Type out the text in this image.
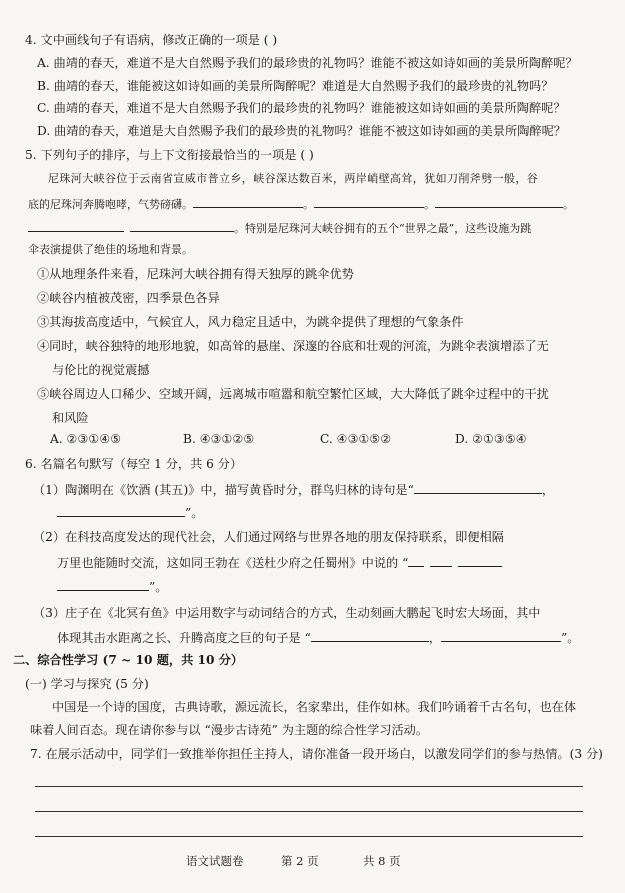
4. 文中画线句子有语病，修改正确的一项是 ( )
A. 曲靖的春天，难道不是大自然赐予我们的最珍贵的礼物吗？谁能不被这如诗如画的美景所陶醉呢？
B. 曲靖的春天，谁能被这如诗如画的美景所陶醉呢？难道是大自然赐予我们的最珍贵的礼物吗？
C. 曲靖的春天，难道不是大自然赐予我们的最珍贵的礼物吗？谁能被这如诗如画的美景所陶醉呢？
D. 曲靖的春天，难道是大自然赐予我们的最珍贵的礼物吗？谁能不被这如诗如画的美景所陶醉呢？
5. 下列句子的排序，与上下文衔接最恰当的一项是 ( )
尼珠河大峡谷位于云南省宣威市普立乡，峡谷深达数百米，两岸峭壁高耸，犹如刀削斧劈一般，谷
底的尼珠河奔腾咆哮，气势磅礴。	。	。	。
。特别是尼珠河大峡谷拥有的五个“世界之最”，这些设施为跳
伞表演提供了绝佳的场地和背景。
①从地理条件来看，尼珠河大峡谷拥有得天独厚的跳伞优势
②峡谷内植被茂密，四季景色各异
③其海拔高度适中，气候宜人，风力稳定且适中，为跳伞提供了理想的气象条件
④同时，峡谷独特的地形地貌，如高耸的悬崖、深邃的谷底和壮观的河流，为跳伞表演增添了无
与伦比的视觉震撼
⑤峡谷周边人口稀少、空域开阔，远离城市喧嚣和航空繁忙区域，大大降低了跳伞过程中的干扰
和风险
A. ②③①④⑤	B. ④③①②⑤	C. ④③①⑤②	D. ②①③⑤④
6. 名篇名句默写（每空 1 分，共 6 分）
（1）陶渊明在《饮酒 (其五)》中，描写黄昏时分，群鸟归林的诗句是“	，
”。
（2）在科技高度发达的现代社会，人们通过网络与世界各地的朋友保持联系，即便相隔
万里也能随时交流，这如同王勃在《送杜少府之任蜀州》中说的 “
”。
（3）庄子在《北冥有鱼》中运用数字与动词结合的方式，生动刻画大鹏起飞时宏大场面，其中
体现其击水距离之长、升腾高度之巨的句子是 “	，	”。
二、综合性学习 (7 ~ 10 题，共 10 分）
(一) 学习与探究 (5 分)
中国是一个诗的国度，古典诗歌，源远流长，名家辈出，佳作如林。我们吟诵着千古名句，也在体
味着人间百态。现在请你参与以 “漫步古诗苑” 为主题的综合性学习活动。
7. 在展示活动中，同学们一致推举你担任主持人，请你准备一段开场白，以激发同学们的参与热情。(3 分)
语文试题卷	第 2 页	共 8 页
